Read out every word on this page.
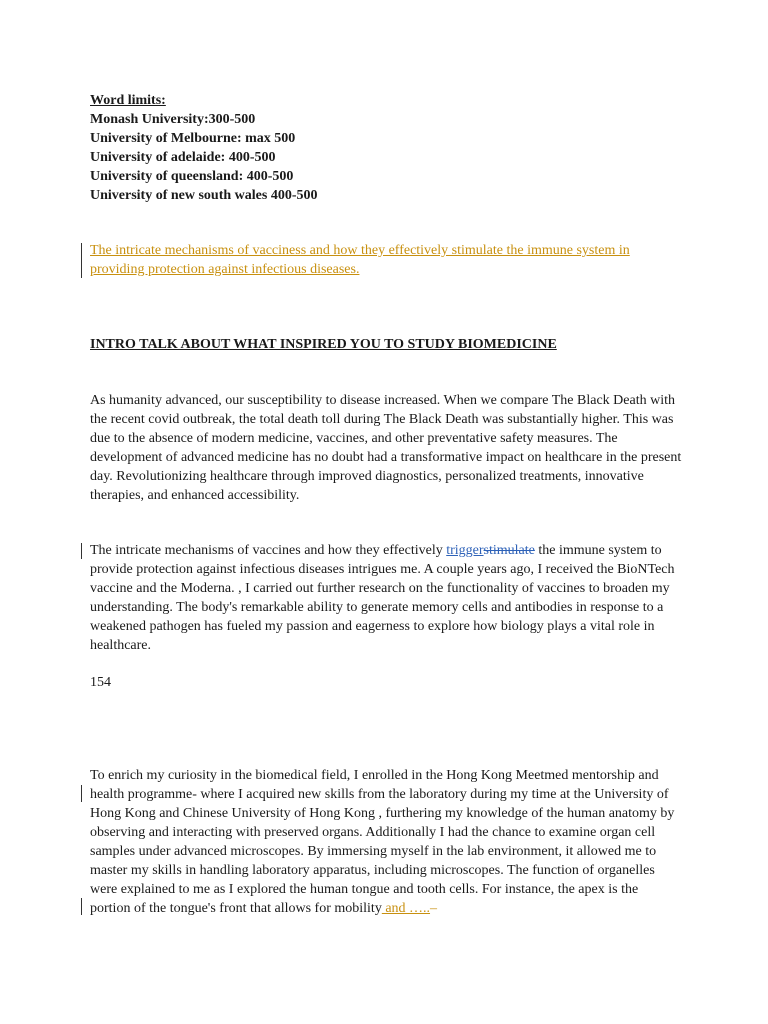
Word limits:
Monash University:300-500
University of Melbourne: max 500
University of adelaide: 400-500
University of queensland: 400-500
University of new south wales 400-500
The intricate mechanisms of vacciness and how they effectively stimulate the immune system in
providing protection against infectious diseases.
INTRO TALK ABOUT WHAT INSPIRED YOU TO STUDY BIOMEDICINE

As humanity advanced, our susceptibility to disease increased. When we compare The Black Death with the recent covid outbreak, the total death toll during The Black Death was substantially higher. This was due to the absence of modern medicine, vaccines, and other preventative safety measures. The development of advanced medicine has no doubt had a transformative impact on healthcare in the present day. Revolutionizing healthcare through improved diagnostics, personalized treatments, innovative therapies, and enhanced accessibility.

The intricate mechanisms of vaccines and how they effectively triggerstimulate the immune system to provide protection against infectious diseases intrigues me. A couple years ago, I received the BioNTech vaccine and the Moderna. , I carried out further research on the functionality of vaccines to broaden my understanding. The body's remarkable ability to generate memory cells and antibodies in response to a weakened pathogen has fueled my passion and eagerness to explore how biology plays a vital role in healthcare.

154

To enrich my curiosity in the biomedical field, I enrolled in the Hong Kong Meetmed mentorship and health programme- where I acquired new skills from the laboratory during my time at the University of Hong Kong and Chinese University of Hong Kong , furthering my knowledge of the human anatomy by observing and interacting with preserved organs. Additionally I had the chance to examine organ cell samples under advanced microscopes. By immersing myself in the lab environment, it allowed me to master my skills in handling laboratory apparatus, including microscopes. The function of organelles were explained to me as I explored the human tongue and tooth cells. For instance, the apex is the portion of the tongue's front that allows for mobility and …..–
